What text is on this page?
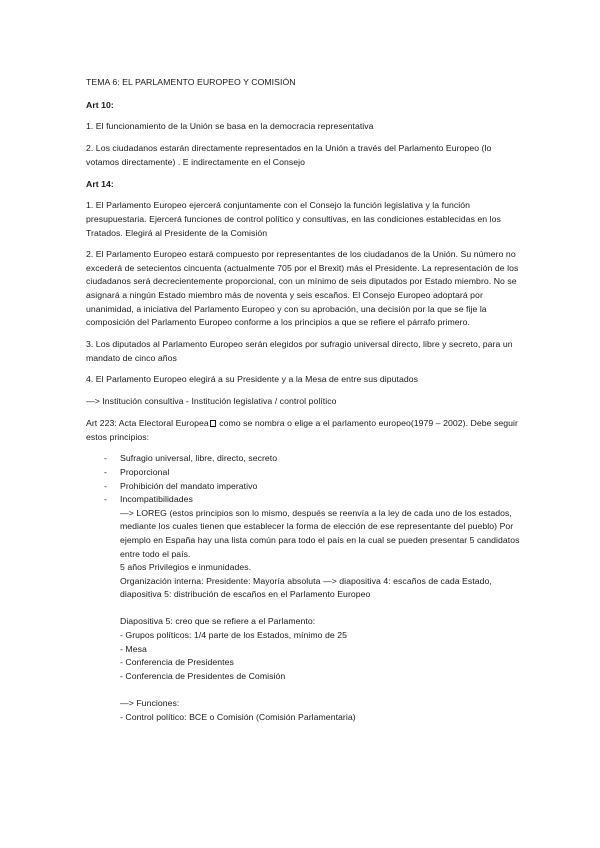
TEMA 6: EL PARLAMENTO EUROPEO Y COMISIÓN

Art 10:

1. El funcionamiento de la Unión se basa en la democracia representativa

2. Los ciudadanos estarán directamente representados en la Unión a través del Parlamento Europeo (lo votamos directamente) . E indirectamente en el Consejo

Art 14:

1. El Parlamento Europeo ejercerá conjuntamente con el Consejo la función legislativa y la función presupuestaria. Ejercerá funciones de control político y consultivas, en las condiciones establecidas en los Tratados. Elegirá al Presidente de la Comisión

2. El Parlamento Europeo estará compuesto por representantes de los ciudadanos de la Unión. Su número no excederá de setecientos cincuenta (actualmente 705 por el Brexit) más el Presidente. La representación de los ciudadanos será decrecientemente proporcional, con un mínimo de seis diputados por Estado miembro. No se asignará a ningún Estado miembro más de noventa y seis escaños. El Consejo Europeo adoptará por unanimidad, a iniciativa del Parlamento Europeo y con su aprobación, una decisión por la que se fije la composición del Parlamento Europeo conforme a los principios a que se refiere el párrafo primero.

3. Los diputados al Parlamento Europeo serán elegidos por sufragio universal directo, libre y secreto, para un mandato de cinco años

4. El Parlamento Europeo elegirá a su Presidente y a la Mesa de entre sus diputados

—> Institución consultiva - Institución legislativa / control político

Art 223: Acta Electoral Europea como se nombra o elige a el parlamento europeo(1979 – 2002). Debe seguir estos principios:

- Sufragio universal, libre, directo, secreto
- Proporcional
- Prohibición del mandato imperativo
- Incompatibilidades
—> LOREG (estos principios son lo mismo, después se reenvía a la ley de cada uno de los estados, mediante los cuales tienen que establecer la forma de elección de ese representante del pueblo) Por ejemplo en España hay una lista común para todo el país en la cual se pueden presentar 5 candidatos entre todo el país.
5 años Privilegios e inmunidades.
Organización interna: Presidente: Mayoría absoluta —> diapositiva 4: escaños de cada Estado, diapositiva 5: distribución de escaños en el Parlamento Europeo
Diapositiva 5: creo que se refiere a el Parlamento:
- Grupos políticos: 1/4 parte de los Estados, mínimo de 25
- Mesa
- Conferencia de Presidentes
- Conferencia de Presidentes de Comisión
—> Funciones:
- Control político: BCE o Comisión (Comisión Parlamentaria)
